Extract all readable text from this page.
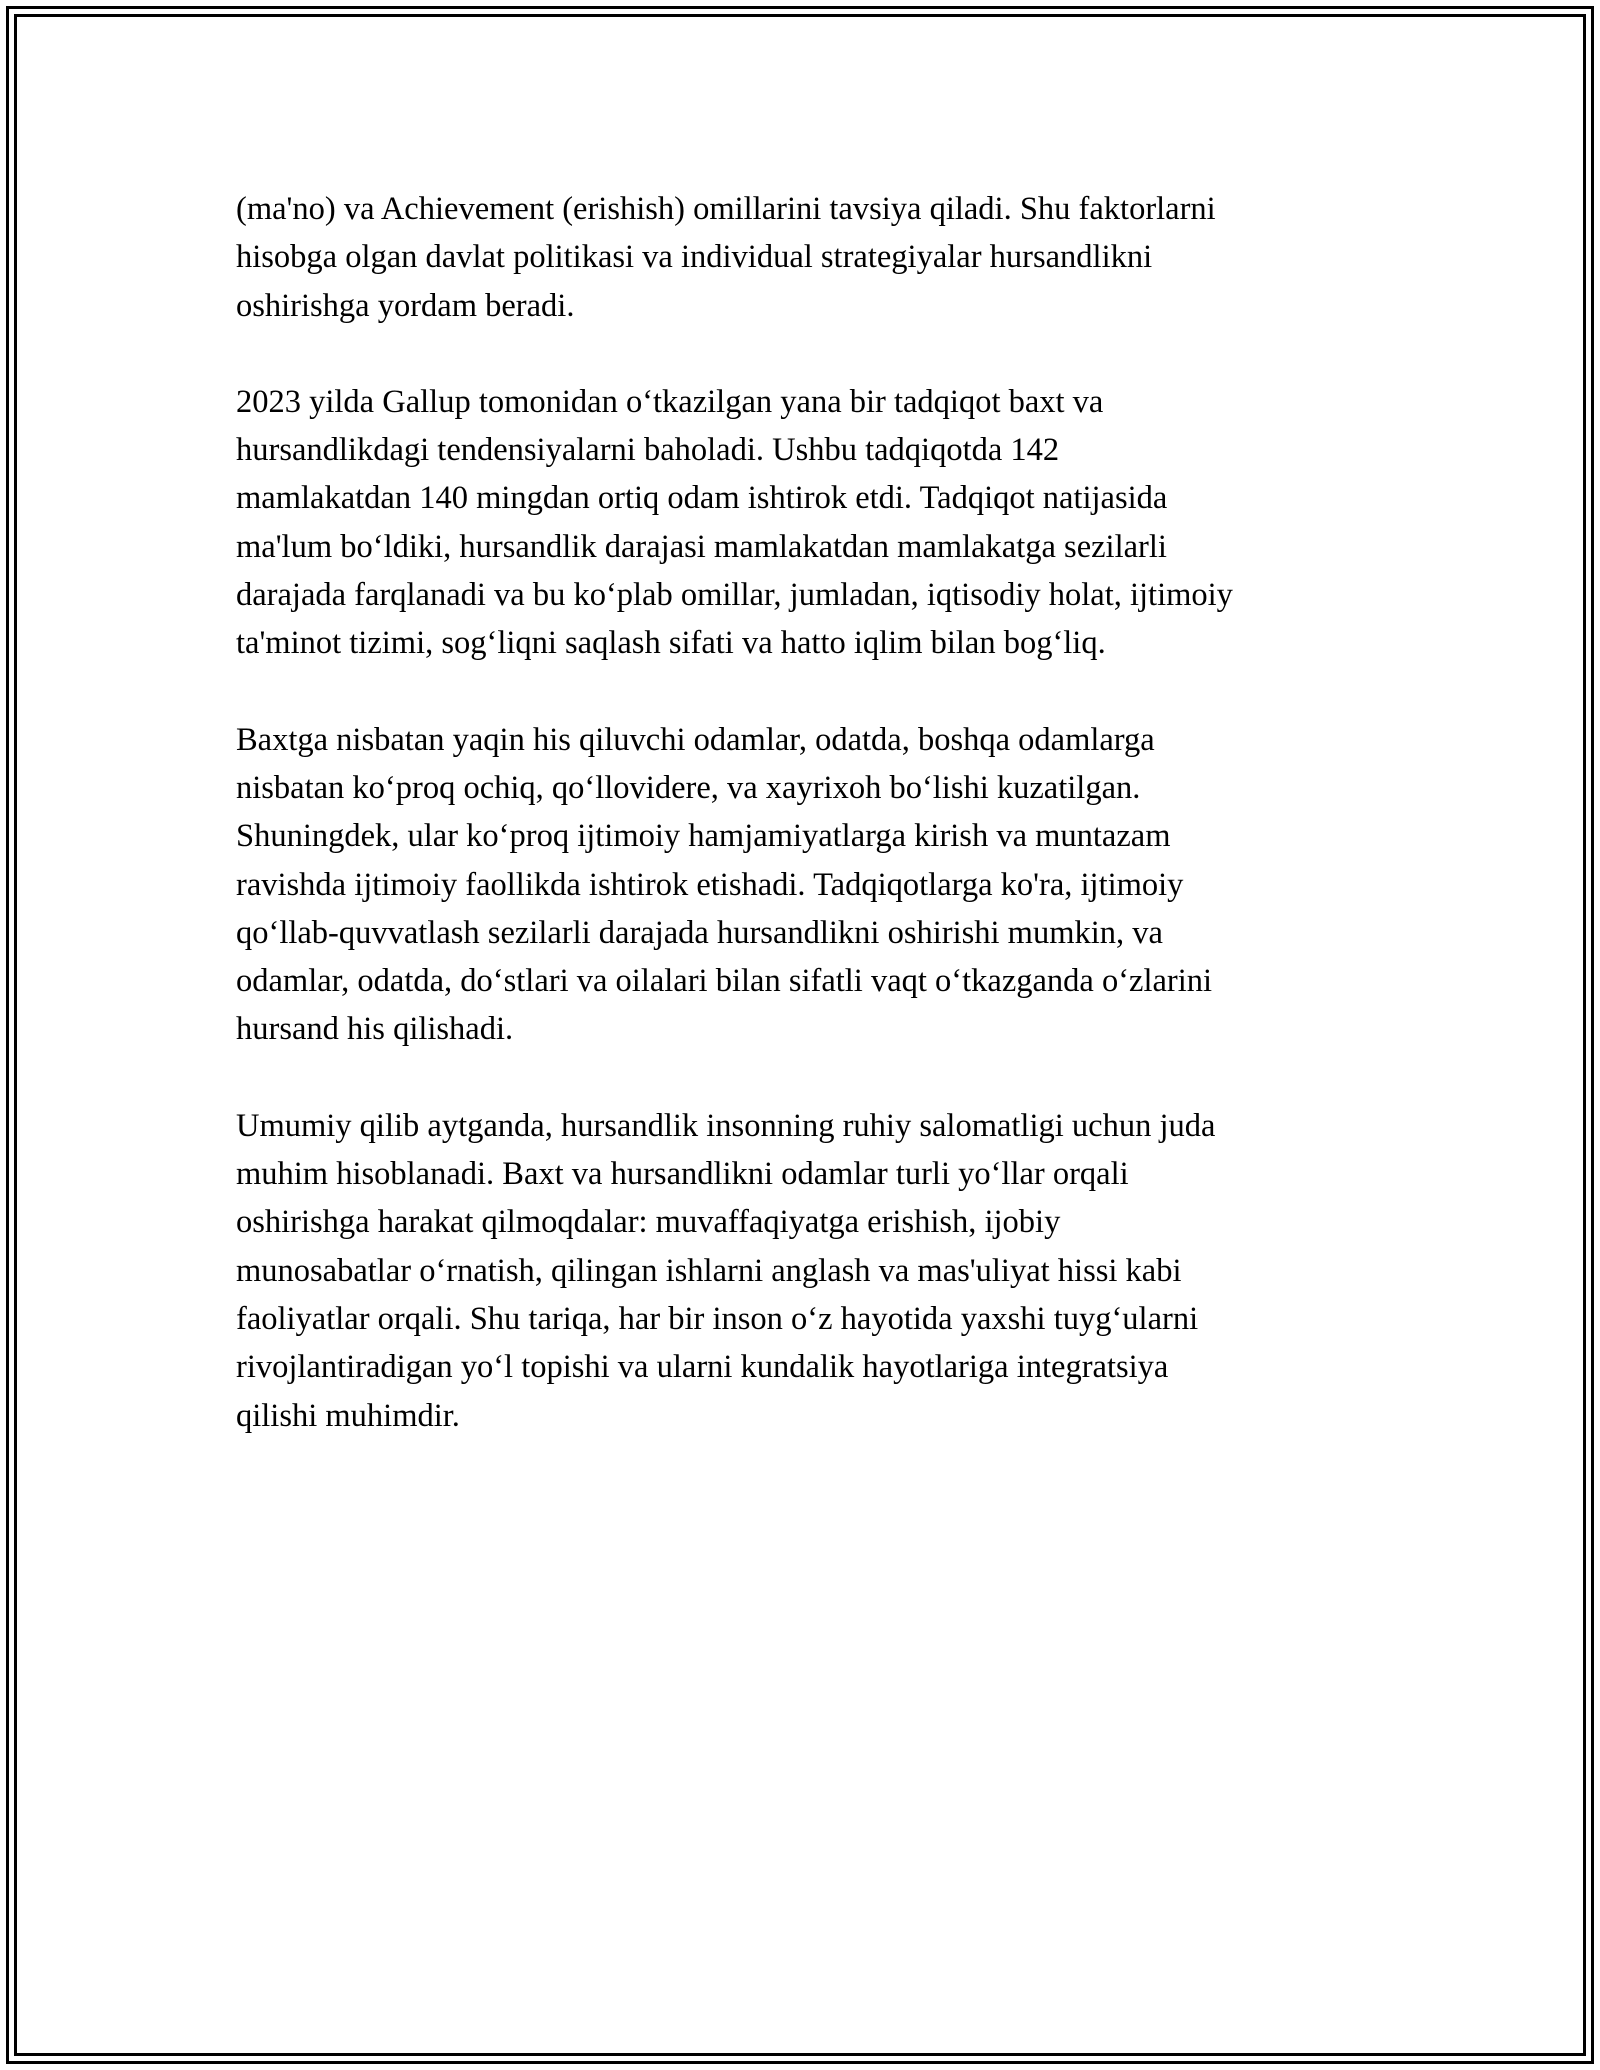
(ma'no) va Achievement (erishish) omillarini tavsiya qiladi. Shu faktorlarni
hisobga olgan davlat politikasi va individual strategiyalar hursandlikni
oshirishga yordam beradi.

2023 yilda Gallup tomonidan o‘tkazilgan yana bir tadqiqot baxt va
hursandlikdagi tendensiyalarni baholadi. Ushbu tadqiqotda 142
mamlakatdan 140 mingdan ortiq odam ishtirok etdi. Tadqiqot natijasida
ma'lum bo‘ldiki, hursandlik darajasi mamlakatdan mamlakatga sezilarli
darajada farqlanadi va bu ko‘plab omillar, jumladan, iqtisodiy holat, ijtimoiy
ta'minot tizimi, sog‘liqni saqlash sifati va hatto iqlim bilan bog‘liq.

Baxtga nisbatan yaqin his qiluvchi odamlar, odatda, boshqa odamlarga
nisbatan ko‘proq ochiq, qo‘llovidere, va xayrixoh bo‘lishi kuzatilgan.
Shuningdek, ular ko‘proq ijtimoiy hamjamiyatlarga kirish va muntazam
ravishda ijtimoiy faollikda ishtirok etishadi. Tadqiqotlarga ko'ra, ijtimoiy
qo‘llab-quvvatlash sezilarli darajada hursandlikni oshirishi mumkin, va
odamlar, odatda, do‘stlari va oilalari bilan sifatli vaqt o‘tkazganda o‘zlarini
hursand his qilishadi.

Umumiy qilib aytganda, hursandlik insonning ruhiy salomatligi uchun juda
muhim hisoblanadi. Baxt va hursandlikni odamlar turli yo‘llar orqali
oshirishga harakat qilmoqdalar: muvaffaqiyatga erishish, ijobiy
munosabatlar o‘rnatish, qilingan ishlarni anglash va mas'uliyat hissi kabi
faoliyatlar orqali. Shu tariqa, har bir inson o‘z hayotida yaxshi tuyg‘ularni
rivojlantiradigan yo‘l topishi va ularni kundalik hayotlariga integratsiya
qilishi muhimdir.
